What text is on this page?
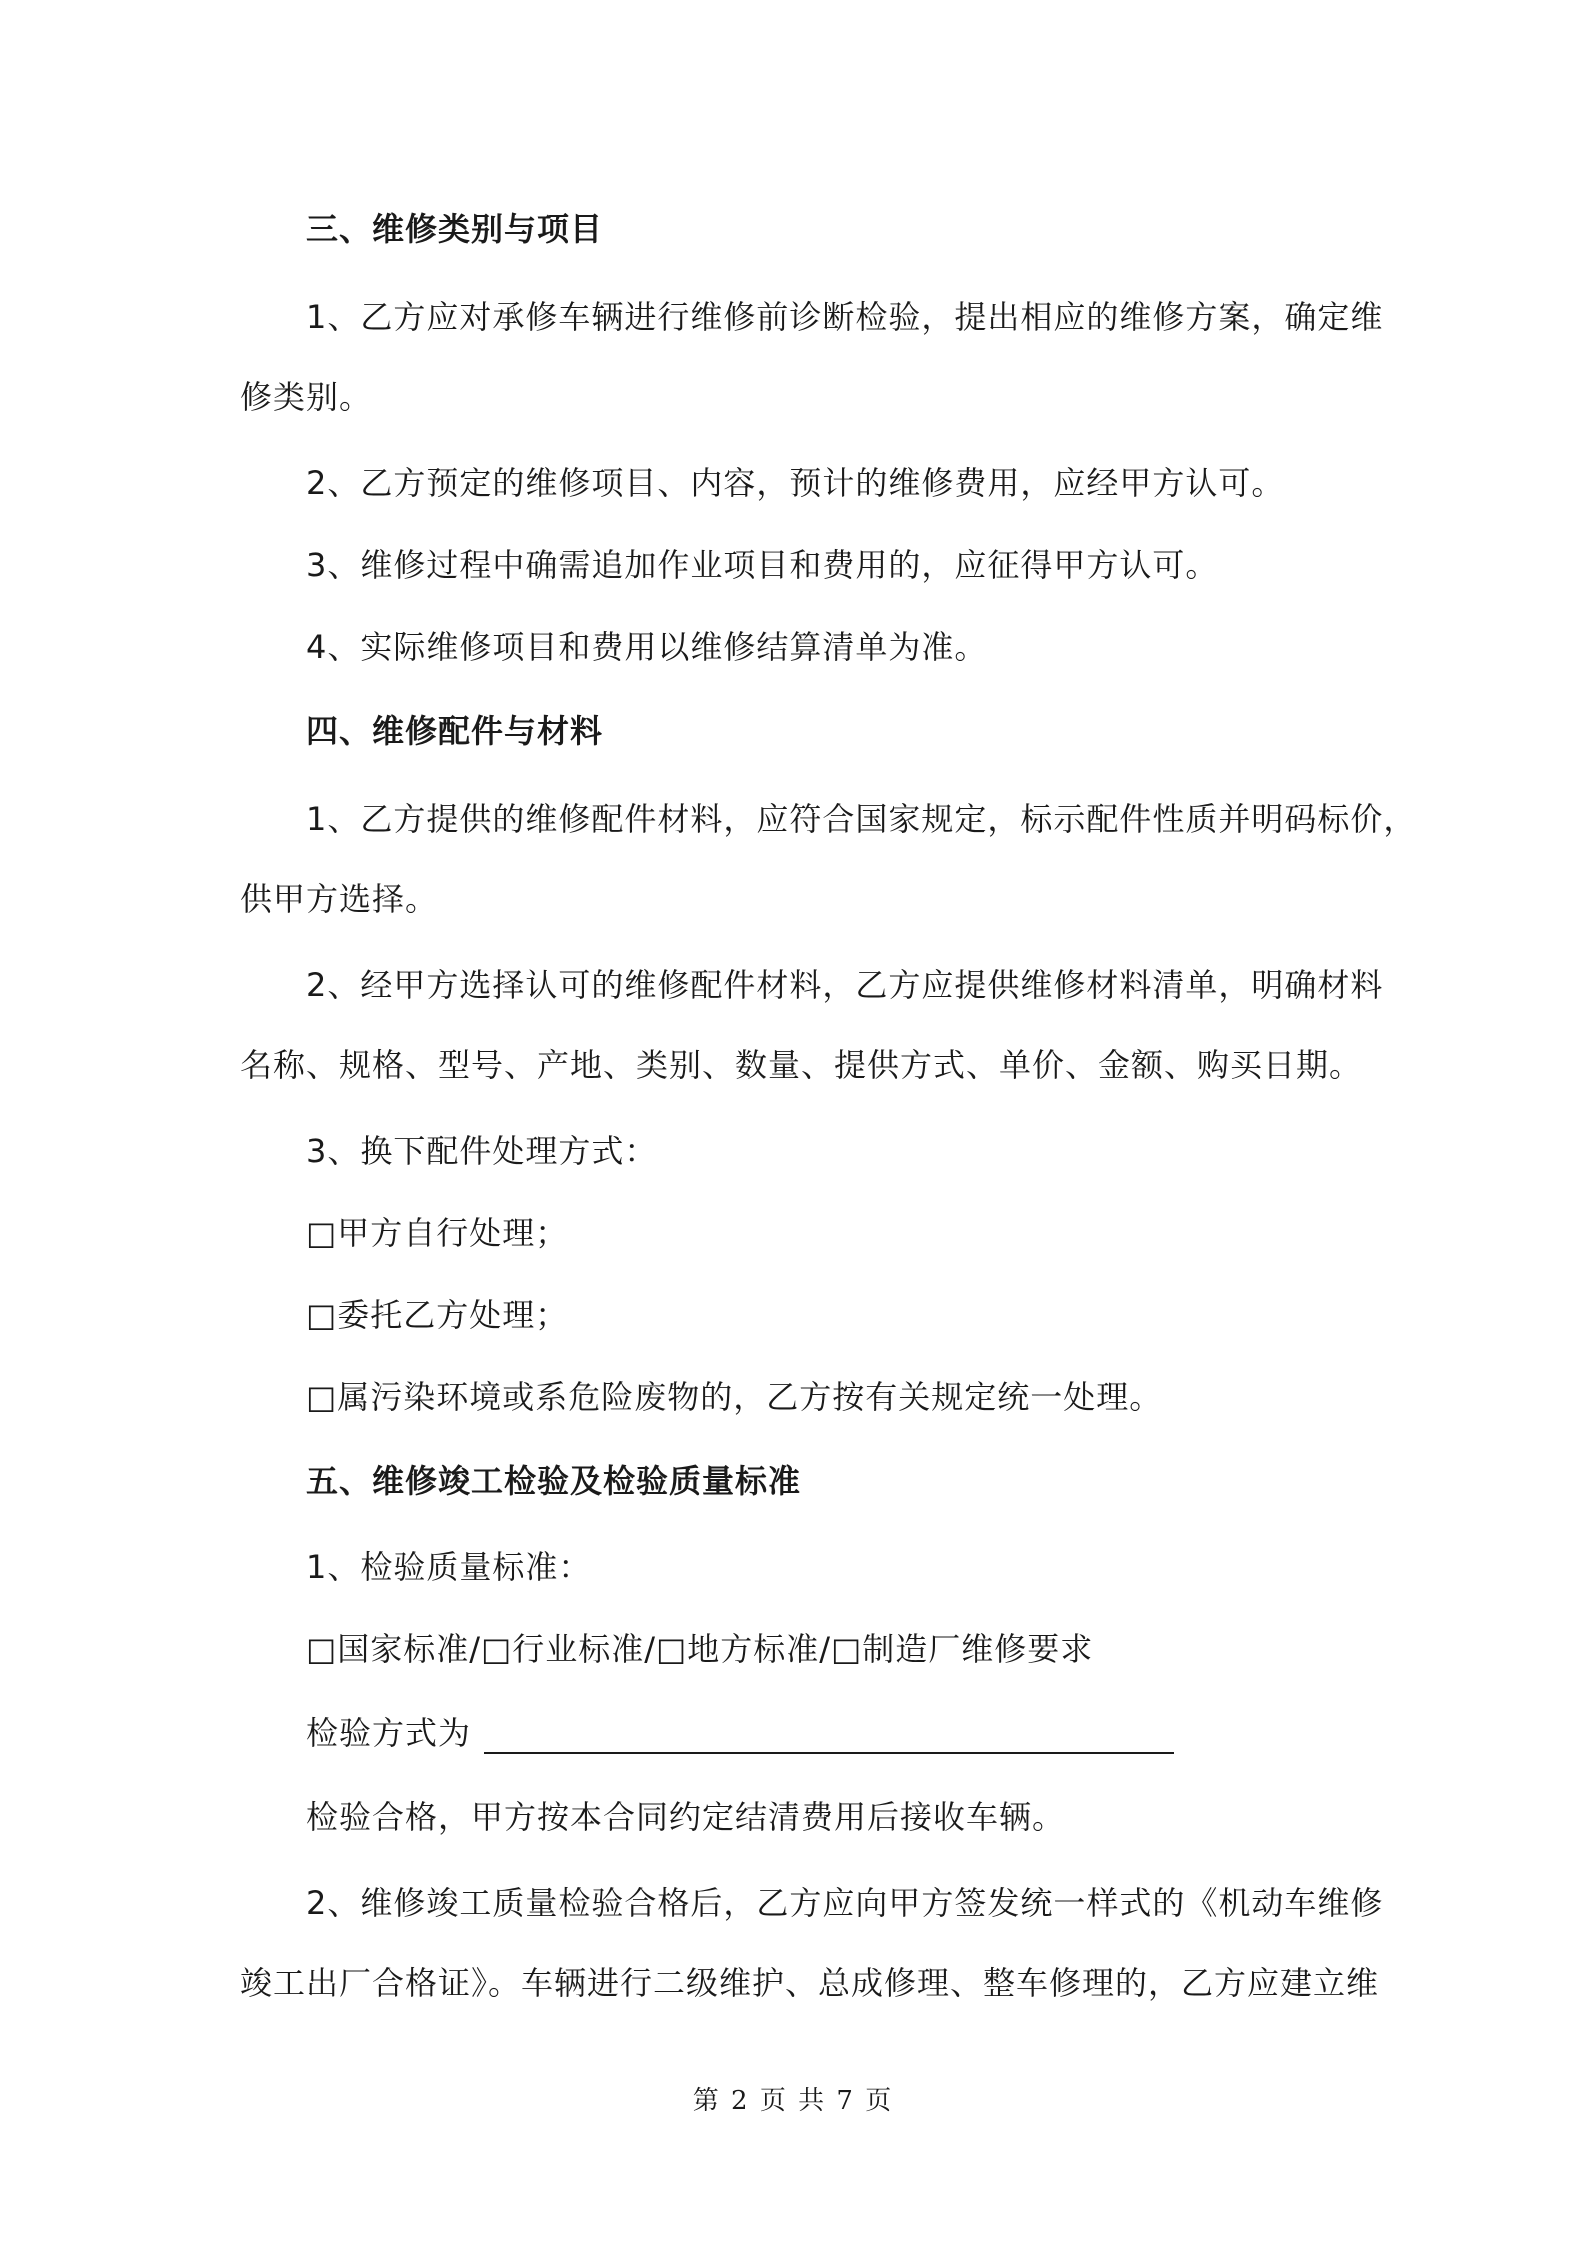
三、维修类别与项目
1、乙方应对承修车辆进行维修前诊断检验，提出相应的维修方案，确定维
修类别。
2、乙方预定的维修项目、内容，预计的维修费用，应经甲方认可。
3、维修过程中确需追加作业项目和费用的，应征得甲方认可。
4、实际维修项目和费用以维修结算清单为准。
四、维修配件与材料
1、乙方提供的维修配件材料，应符合国家规定，标示配件性质并明码标价，
供甲方选择。
2、经甲方选择认可的维修配件材料，乙方应提供维修材料清单，明确材料
名称、规格、型号、产地、类别、数量、提供方式、单价、金额、购买日期。
3、换下配件处理方式：
□甲方自行处理；
□委托乙方处理；
□属污染环境或系危险废物的，乙方按有关规定统一处理。
五、维修竣工检验及检验质量标准
1、检验质量标准：
□国家标准/□行业标准/□地方标准/□制造厂维修要求
检验方式为
检验合格，甲方按本合同约定结清费用后接收车辆。
2、维修竣工质量检验合格后，乙方应向甲方签发统一样式的《机动车维修
竣工出厂合格证》。车辆进行二级维护、总成修理、整车修理的，乙方应建立维
第 2 页 共 7 页
